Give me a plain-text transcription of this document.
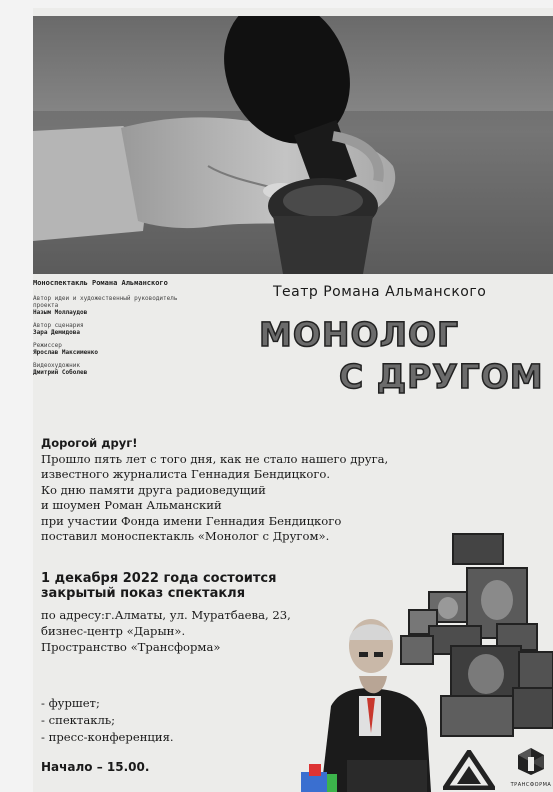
Моноспектакль Романа Альманского
Автор идеи и художественный руководитель проекта
Назым Моллаудов
Автор сценария
Зара Демидова
Режиссер
Ярослав Максименко
Видеохудожник
Дмитрий Соболев
Театр Романа Альманского
МОНОЛОГ
С ДРУГОМ
Дорогой друг!
Прошло пять лет с того дня, как не стало нашего друга,
известного журналиста Геннадия Бендицкого.
Ко дню памяти друга радиоведущий
и шоумен Роман Альманский
при участии Фонда имени Геннадия Бендицкого
поставил моноспектакль «Монолог с Другом».
1 декабря 2022 года состоится
закрытый показ спектакля
по адресу:г.Алматы, ул. Муратбаева, 23,
бизнес-центр «Дарын».
Пространство «Трансформа»
- фуршет;
- спектакль;
- пресс-конференция.
Начало – 15.00.
ТРАНСФОРМА
